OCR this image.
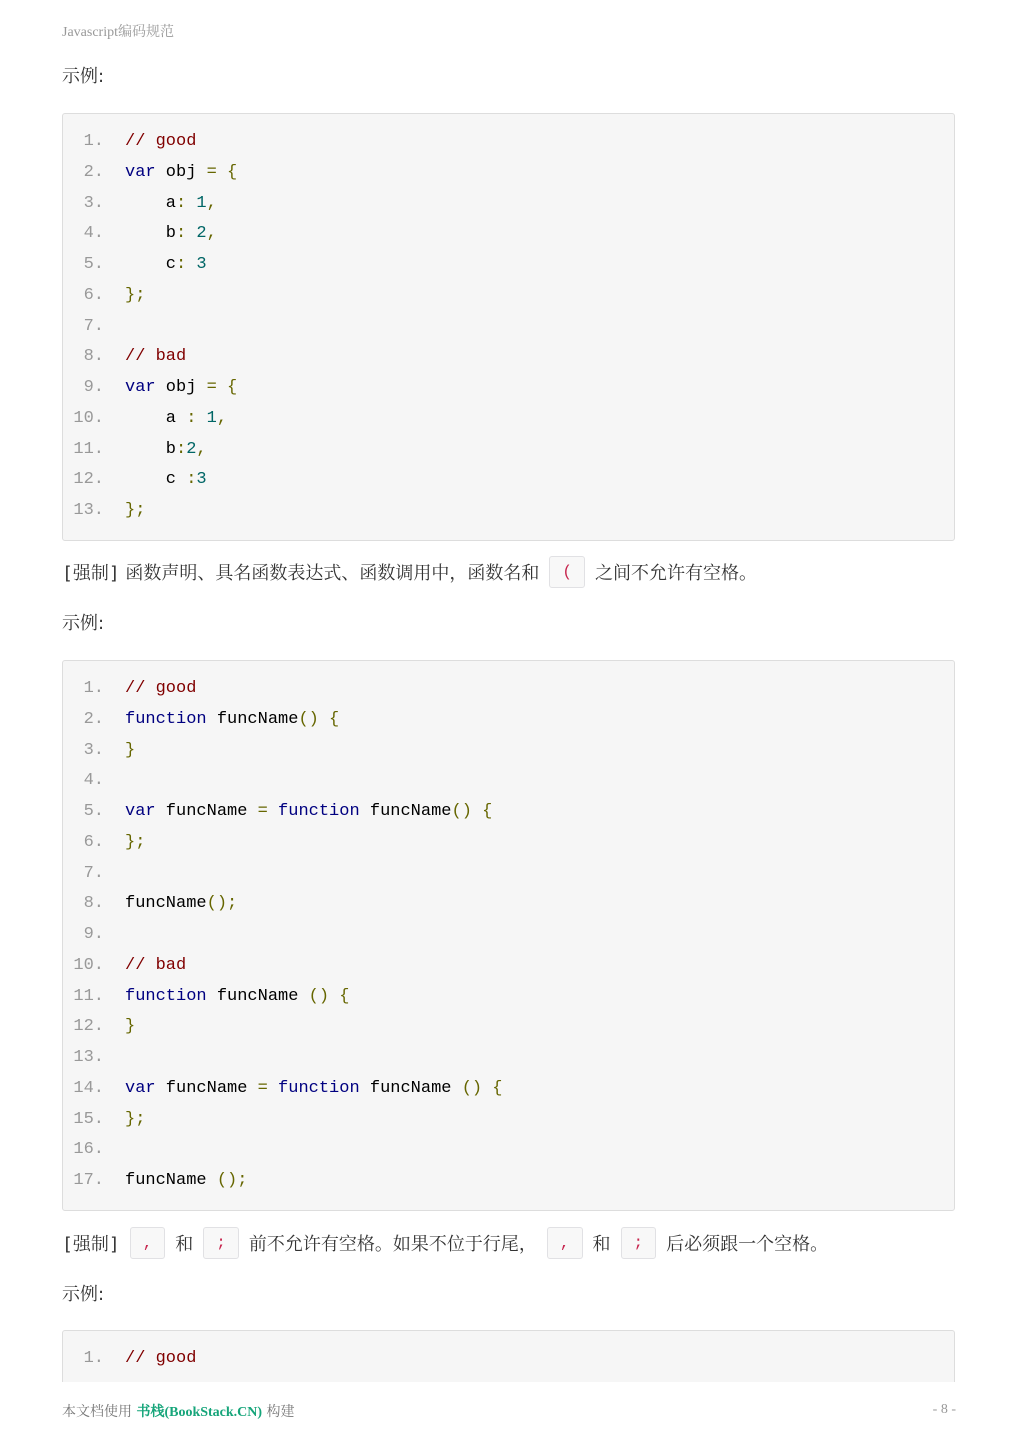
Javascript编码规范
示例:
1. // good
2. var obj = {
3. a: 1,
4. b: 2,
5. c: 3
6. };
7.
8. // bad
9. var obj = {
10. a : 1,
11. b:2,
12. c :3
13. };
[强制] 函数声明、具名函数表达式、函数调用中，函数名和 ( 之间不允许有空格。
示例:
1. // good
2. function funcName() {
3. }
4.
5. var funcName = function funcName() {
6. };
7.
8. funcName();
9.
10. // bad
11. function funcName () {
12. }
13.
14. var funcName = function funcName () {
15. };
16.
17. funcName ();
[强制] , 和 ; 前不允许有空格。如果不位于行尾， , 和 ; 后必须跟一个空格。
示例:
1. // good
本文档使用 书栈(BookStack.CN) 构建	- 8 -
